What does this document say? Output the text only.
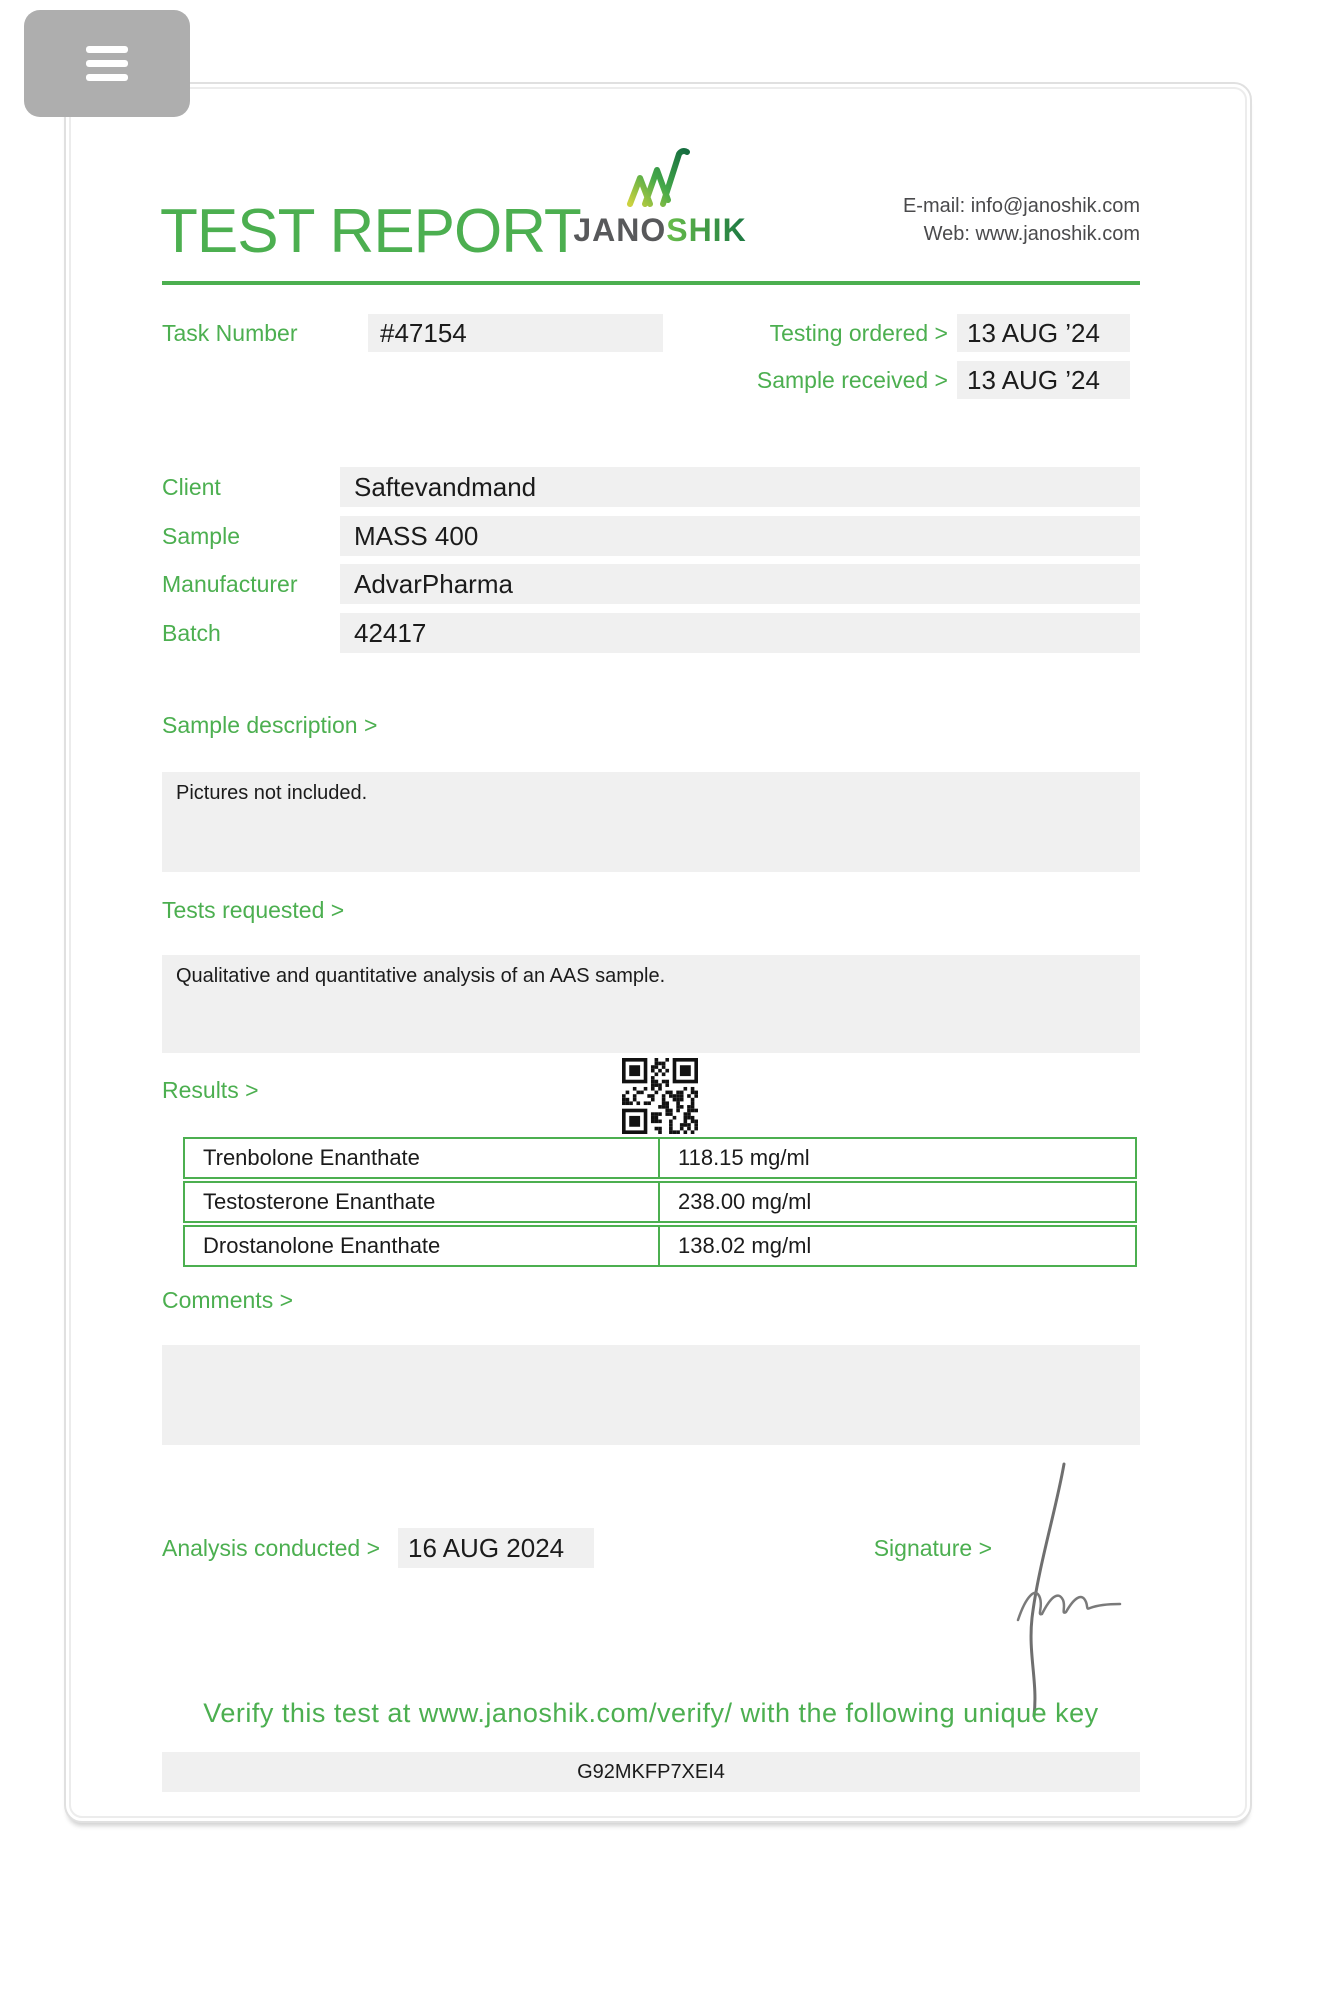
TEST REPORT
JANOSHIK
E-mail: info@janoshik.com
Web: www.janoshik.com
Task Number	#47154	Testing ordered > 13 AUG ’24
Sample received > 13 AUG ’24
Client	Saftevandmand
Sample	MASS 400
Manufacturer	AdvarPharma
Batch	42417
Sample description >
Pictures not included.
Tests requested >
Qualitative and quantitative analysis of an AAS sample.
Results >
Trenbolone Enanthate	118.15 mg/ml
Testosterone Enanthate	238.00 mg/ml
Drostanolone Enanthate	138.02 mg/ml
Comments >
Analysis conducted >	16 AUG 2024	Signature >
Verify this test at www.janoshik.com/verify/ with the following unique key
G92MKFP7XEI4
